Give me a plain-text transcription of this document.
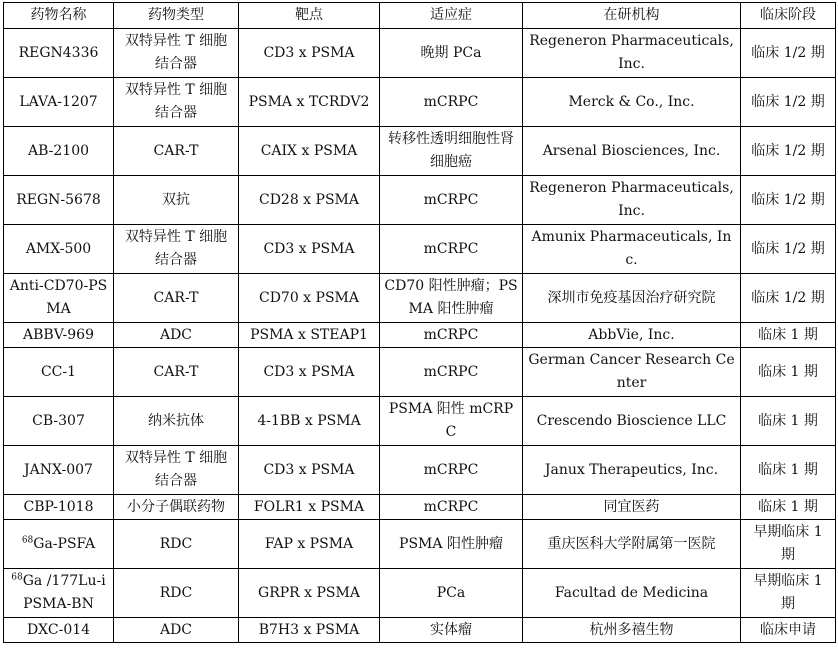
药物名称	药物类型	靶点	适应症	在研机构	临床阶段
REGN4336	双特异性 T 细胞结合器	CD3 x PSMA	晚期 PCa	Regeneron Pharmaceuticals, Inc.	临床 1/2 期
LAVA-1207	双特异性 T 细胞结合器	PSMA x TCRDV2	mCRPC	Merck & Co., Inc.	临床 1/2 期
AB-2100	CAR-T	CAIX x PSMA	转移性透明细胞性肾细胞癌	Arsenal Biosciences, Inc.	临床 1/2 期
REGN-5678	双抗	CD28 x PSMA	mCRPC	Regeneron Pharmaceuticals, Inc.	临床 1/2 期
AMX-500	双特异性 T 细胞结合器	CD3 x PSMA	mCRPC	Amunix Pharmaceuticals, Inc.	临床 1/2 期
Anti-CD70-PSMA	CAR-T	CD70 x PSMA	CD70 阳性肿瘤；PSMA 阳性肿瘤	深圳市免疫基因治疗研究院	临床 1/2 期
ABBV-969	ADC	PSMA x STEAP1	mCRPC	AbbVie, Inc.	临床 1 期
CC-1	CAR-T	CD3 x PSMA	mCRPC	German Cancer Research Center	临床 1 期
CB-307	纳米抗体	4-1BB x PSMA	PSMA 阳性 mCRPC	Crescendo Bioscience LLC	临床 1 期
JANX-007	双特异性 T 细胞结合器	CD3 x PSMA	mCRPC	Janux Therapeutics, Inc.	临床 1 期
CBP-1018	小分子偶联药物	FOLR1 x PSMA	mCRPC	同宜医药	临床 1 期
$^{68}$Ga-PSFA	RDC	FAP x PSMA	PSMA 阳性肿瘤	重庆医科大学附属第一医院	早期临床 1 期
$^{68}$Ga /177Lu-iPSMA-BN	RDC	GRPR x PSMA	PCa	Facultad de Medicina	早期临床 1 期
DXC-014	ADC	B7H3 x PSMA	实体瘤	杭州多禧生物	临床申请
